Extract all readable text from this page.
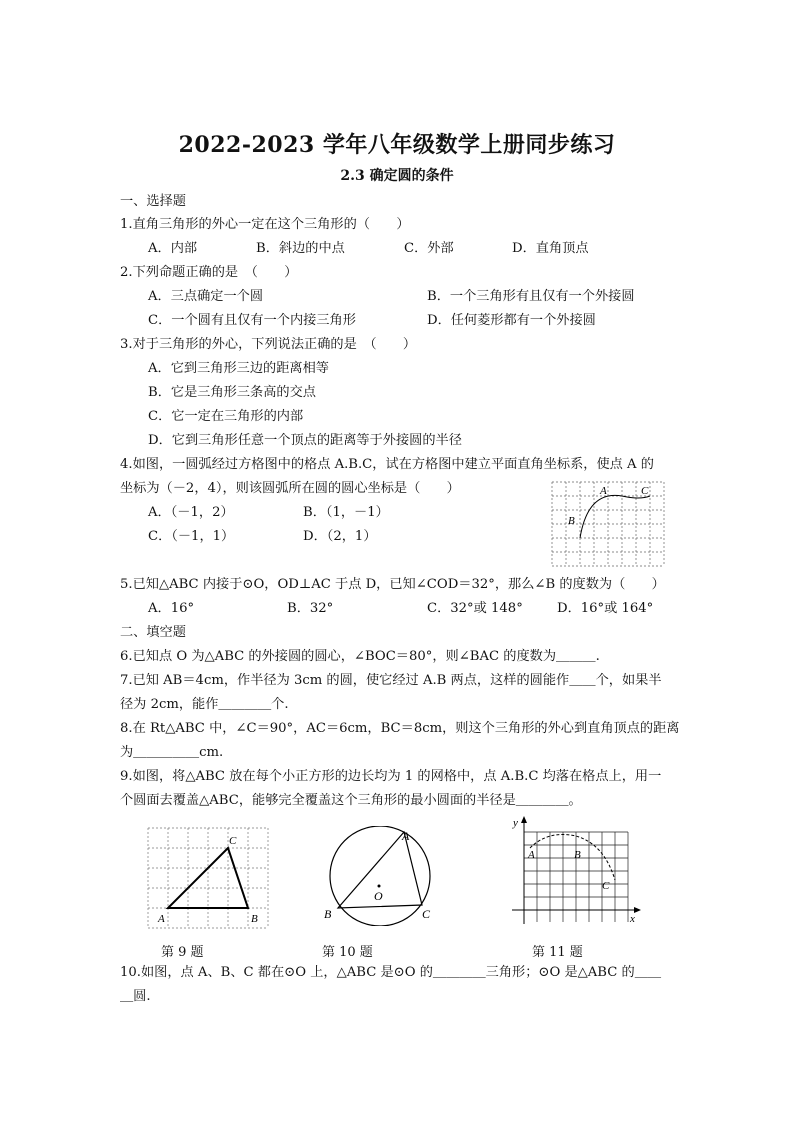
2022-2023 学年八年级数学上册同步练习
2.3 确定圆的条件
一、选择题
1.直角三角形的外心一定在这个三角形的（　　）
A．内部	B．斜边的中点	C．外部	D．直角顶点
2.下列命题正确的是　（　　）
A．三点确定一个圆	B．一个三角形有且仅有一个外接圆
C．一个圆有且仅有一个内接三角形	D．任何菱形都有一个外接圆
3.对于三角形的外心，下列说法正确的是　（　　）
A．它到三角形三边的距离相等
B．它是三角形三条高的交点
C．它一定在三角形的内部
D．它到三角形任意一个顶点的距离等于外接圆的半径
4.如图，一圆弧经过方格图中的格点 A.B.C，试在方格图中建立平面直角坐标系，使点 A 的
坐标为（－2，4），则该圆弧所在圆的圆心坐标是（　　）
A．（－1，2）	B．（1，－1）
C．（－1，1）	D．（2，1）
A
B
C
5.已知△ABC 内接于⊙O，OD⊥AC 于点 D，已知∠COD＝32°，那么∠B 的度数为（　　）
A．16°	B．32°	C．32°或 148°	D．16°或 164°
二、填空题
6.已知点 O 为△ABC 的外接圆的圆心，∠BOC＝80°，则∠BAC 的度数为＿＿＿.
7.已知 AB＝4cm，作半径为 3cm 的圆，使它经过 A.B 两点，这样的圆能作＿＿个，如果半
径为 2cm，能作＿＿＿＿个.
8.在 Rt△ABC 中，∠C＝90°，AC＝6cm，BC＝8cm，则这个三角形的外心到直角顶点的距离
为＿＿＿＿＿cm.
9.如图，将△ABC 放在每个小正方形的边长均为 1 的网格中，点 A.B.C 均落在格点上，用一
个圆面去覆盖△ABC，能够完全覆盖这个三角形的最小圆面的半径是＿＿＿＿。
A	B
C
第 9 题
O
A
B	C
第 10 题
y
x
A	B
C
第 11 题
10.如图，点 A、B、C 都在⊙O 上，△ABC 是⊙O 的＿＿＿＿三角形；⊙O 是△ABC 的＿＿
＿圆.
